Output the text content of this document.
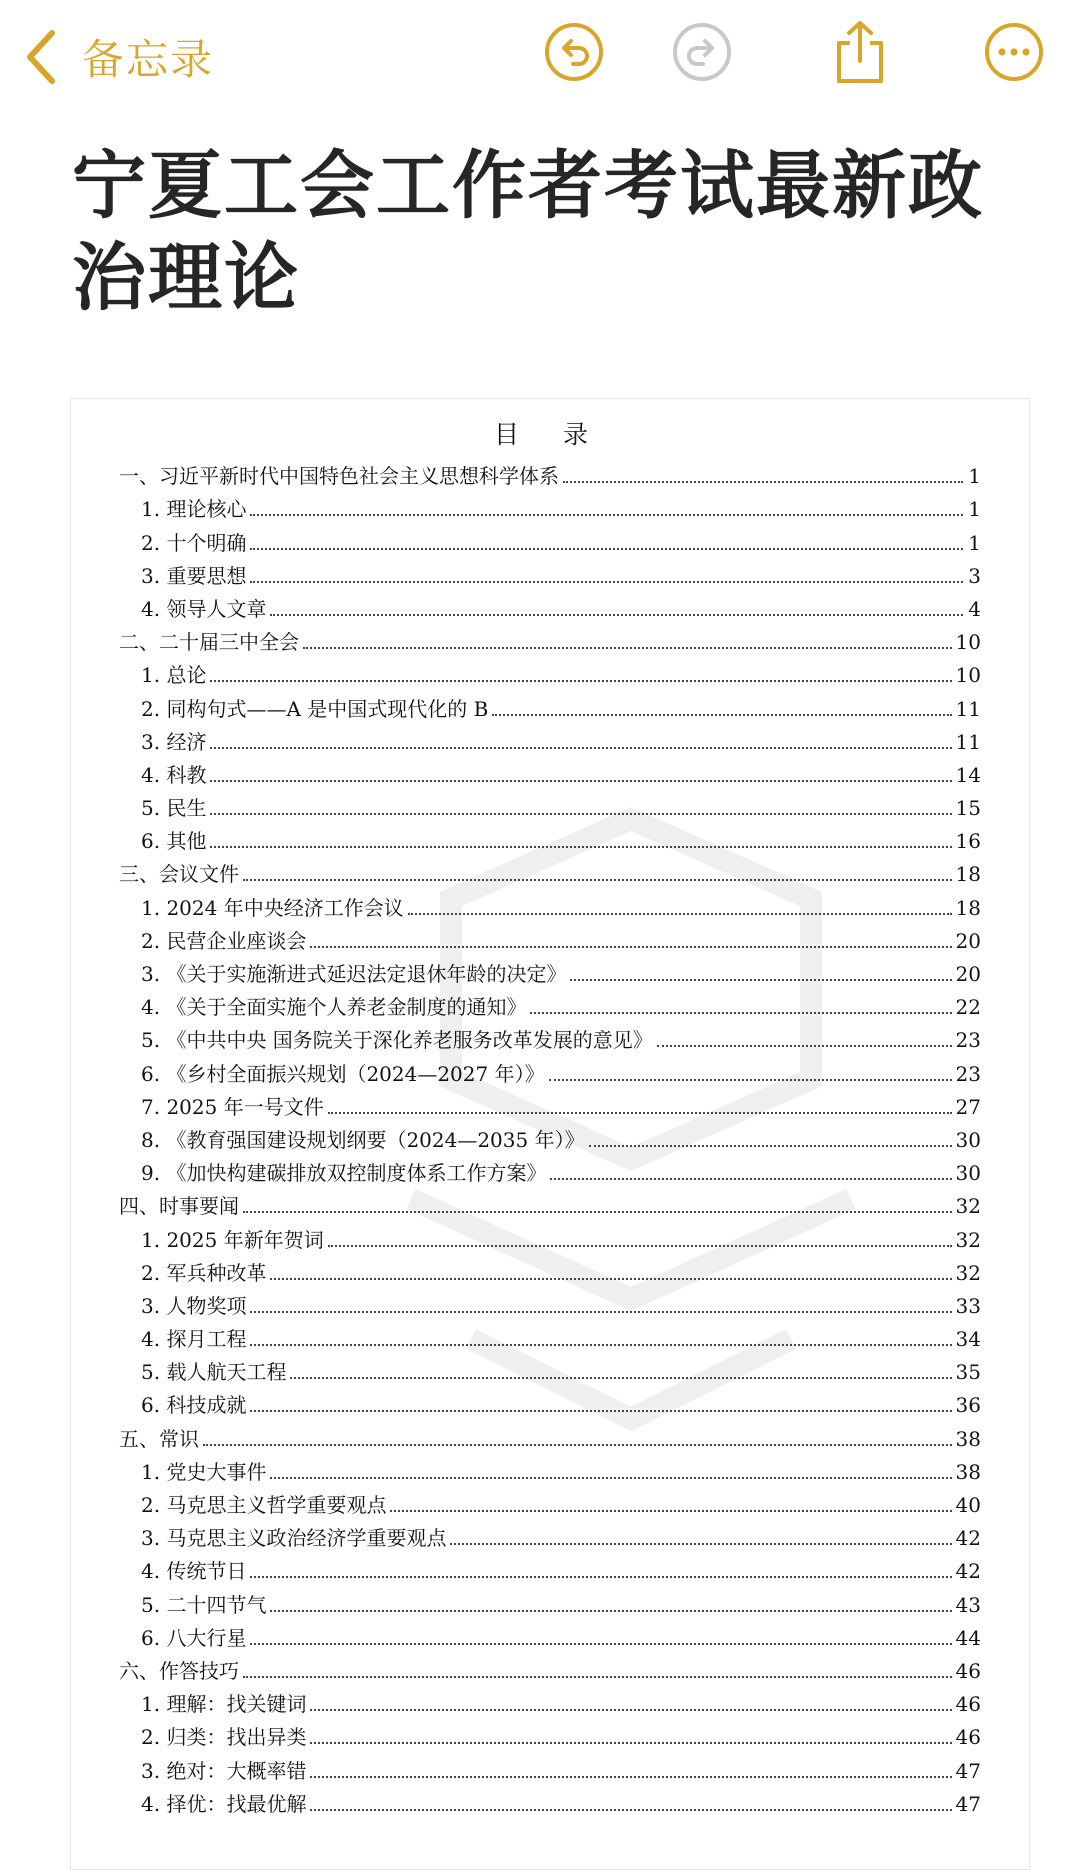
备忘录
宁夏工会工作者考试最新政治理论
目 录
一、习近平新时代中国特色社会主义思想科学体系	1
1. 理论核心	1
2. 十个明确	1
3. 重要思想	3
4. 领导人文章	4
二、二十届三中全会	10
1. 总论	10
2. 同构句式——A 是中国式现代化的 B	11
3. 经济	11
4. 科教	14
5. 民生	15
6. 其他	16
三、会议文件	18
1. 2024 年中央经济工作会议	18
2. 民营企业座谈会	20
3. 《关于实施渐进式延迟法定退休年龄的决定》	20
4. 《关于全面实施个人养老金制度的通知》	22
5. 《中共中央 国务院关于深化养老服务改革发展的意见》	23
6. 《乡村全面振兴规划（2024—2027 年）》	23
7. 2025 年一号文件	27
8. 《教育强国建设规划纲要（2024—2035 年）》	30
9. 《加快构建碳排放双控制度体系工作方案》	30
四、时事要闻	32
1. 2025 年新年贺词	32
2. 军兵种改革	32
3. 人物奖项	33
4. 探月工程	34
5. 载人航天工程	35
6. 科技成就	36
五、常识	38
1. 党史大事件	38
2. 马克思主义哲学重要观点	40
3. 马克思主义政治经济学重要观点	42
4. 传统节日	42
5. 二十四节气	43
6. 八大行星	44
六、作答技巧	46
1. 理解：找关键词	46
2. 归类：找出异类	46
3. 绝对：大概率错	47
4. 择优：找最优解	47
